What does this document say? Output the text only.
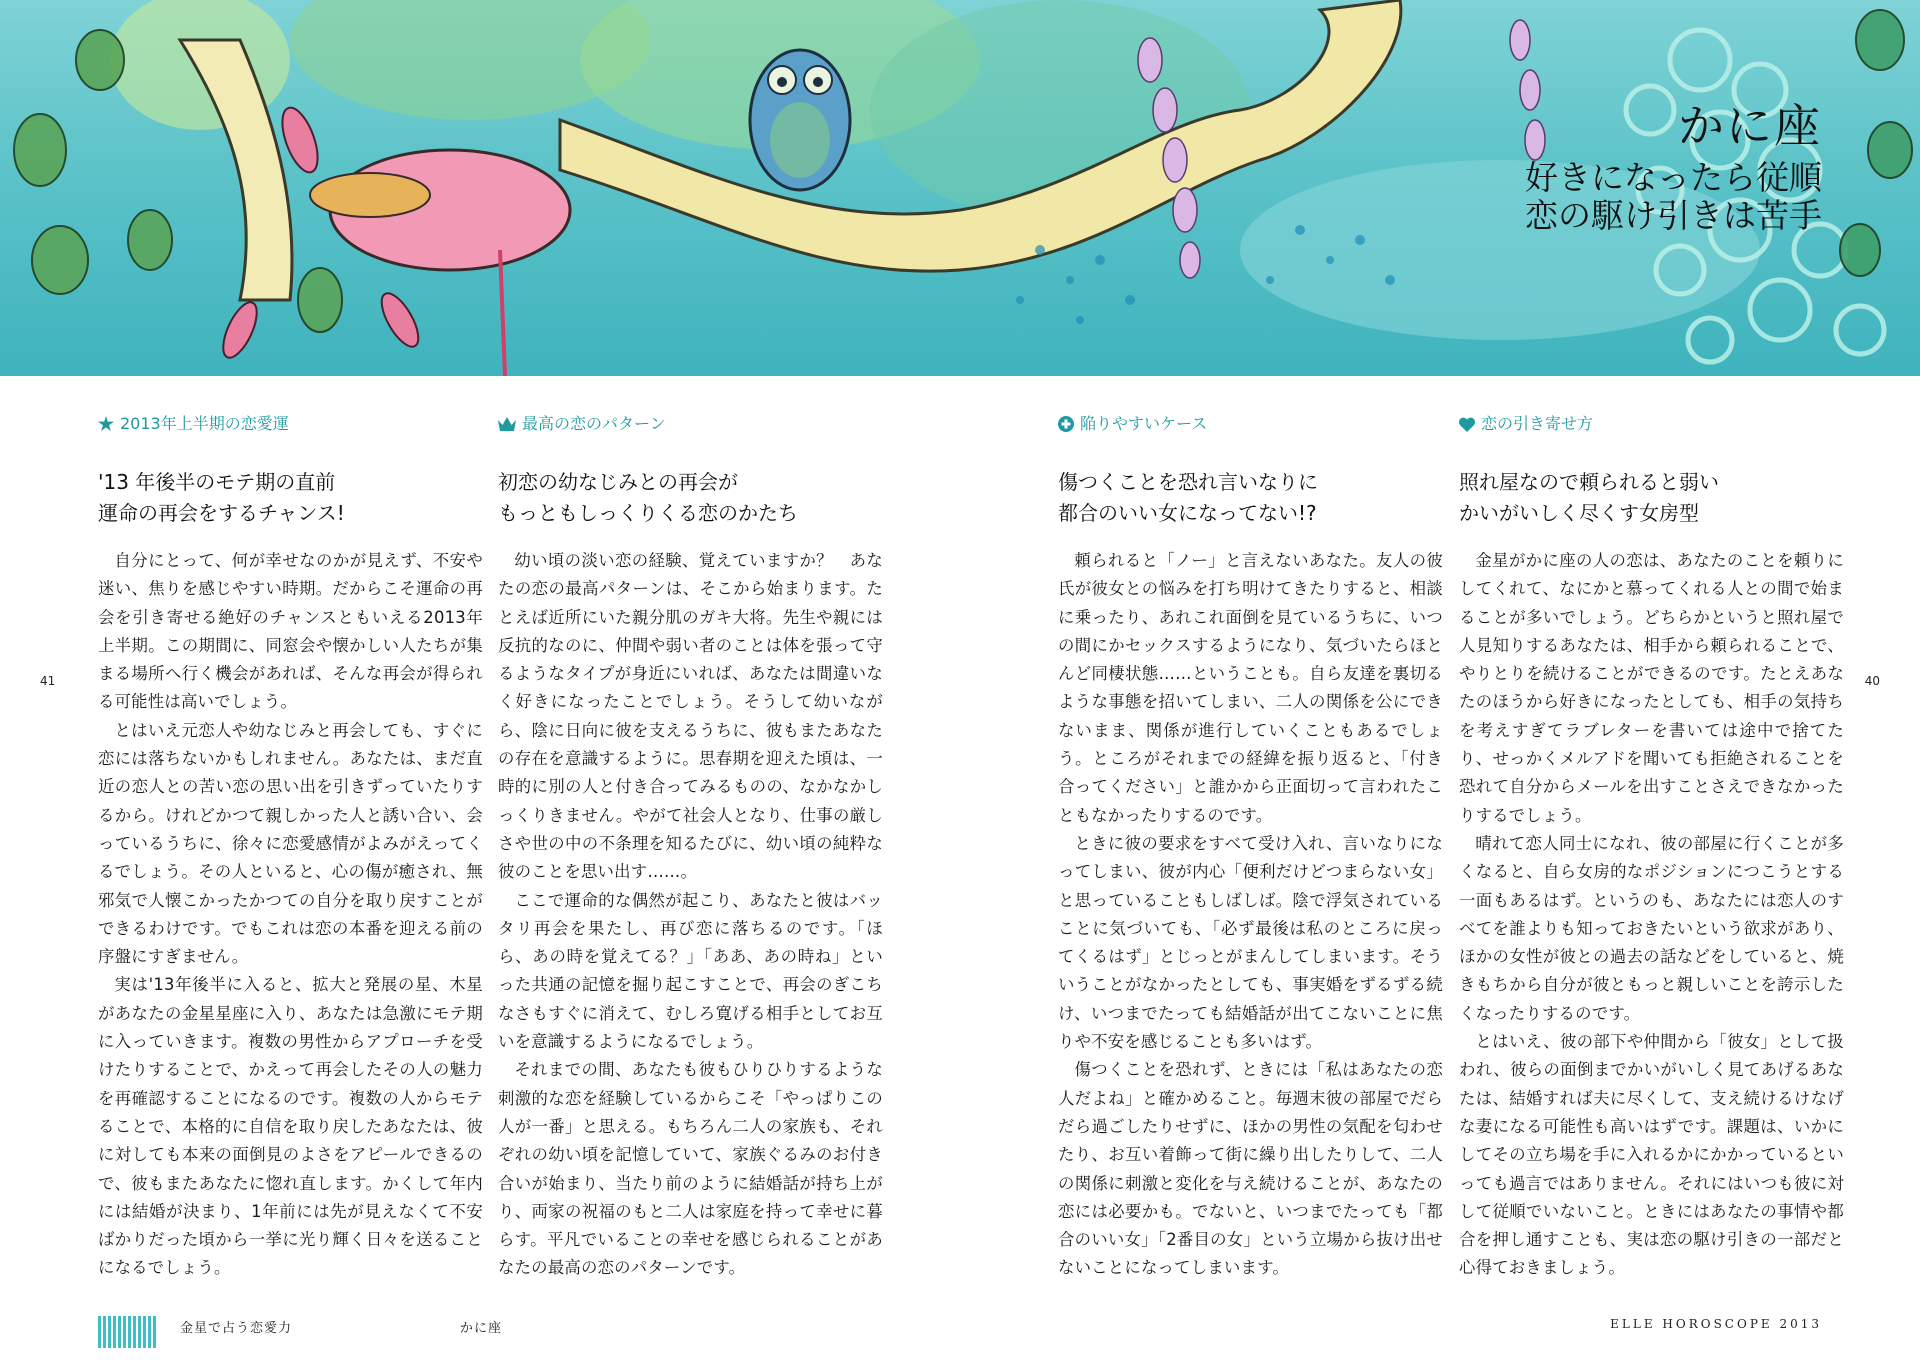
かに座
好きになったら従順
恋の駆け引きは苦手
41	40
2013年上半期の恋愛運
'13 年後半のモテ期の直前
運命の再会をするチャンス!

自分にとって、何が幸せなのかが見えず、不安や迷い、焦りを感じやすい時期。だからこそ運命の再会を引き寄せる絶好のチャンスともいえる2013年上半期。この期間に、同窓会や懐かしい人たちが集まる場所へ行く機会があれば、そんな再会が得られる可能性は高いでしょう。

とはいえ元恋人や幼なじみと再会しても、すぐに恋には落ちないかもしれません。あなたは、まだ直近の恋人との苦い恋の思い出を引きずっていたりするから。けれどかつて親しかった人と誘い合い、会っているうちに、徐々に恋愛感情がよみがえってくるでしょう。その人といると、心の傷が癒され、無邪気で人懐こかったかつての自分を取り戻すことができるわけです。でもこれは恋の本番を迎える前の序盤にすぎません。

実は'13年後半に入ると、拡大と発展の星、木星があなたの金星星座に入り、あなたは急激にモテ期に入っていきます。複数の男性からアプローチを受けたりすることで、かえって再会したその人の魅力を再確認することになるのです。複数の人からモテることで、本格的に自信を取り戻したあなたは、彼に対しても本来の面倒見のよさをアピールできるので、彼もまたあなたに惚れ直します。かくして年内には結婚が決まり、1年前には先が見えなくて不安ばかりだった頃から一挙に光り輝く日々を送ることになるでしょう。

最高の恋のパターン
初恋の幼なじみとの再会が
もっともしっくりくる恋のかたち

幼い頃の淡い恋の経験、覚えていますか？　あなたの恋の最高パターンは、そこから始まります。たとえば近所にいた親分肌のガキ大将。先生や親には反抗的なのに、仲間や弱い者のことは体を張って守るようなタイプが身近にいれば、あなたは間違いなく好きになったことでしょう。そうして幼いながら、陰に日向に彼を支えるうちに、彼もまたあなたの存在を意識するように。思春期を迎えた頃は、一時的に別の人と付き合ってみるものの、なかなかしっくりきません。やがて社会人となり、仕事の厳しさや世の中の不条理を知るたびに、幼い頃の純粋な彼のことを思い出す……。

ここで運命的な偶然が起こり、あなたと彼はバッタリ再会を果たし、再び恋に落ちるのです。「ほら、あの時を覚えてる？」「ああ、あの時ね」といった共通の記憶を掘り起こすことで、再会のぎこちなさもすぐに消えて、むしろ寛げる相手としてお互いを意識するようになるでしょう。

それまでの間、あなたも彼もひりひりするような刺激的な恋を経験しているからこそ「やっぱりこの人が一番」と思える。もちろん二人の家族も、それぞれの幼い頃を記憶していて、家族ぐるみのお付き合いが始まり、当たり前のように結婚話が持ち上がり、両家の祝福のもと二人は家庭を持って幸せに暮らす。平凡でいることの幸せを感じられることがあなたの最高の恋のパターンです。

陥りやすいケース
傷つくことを恐れ言いなりに
都合のいい女になってない!?

頼られると「ノー」と言えないあなた。友人の彼氏が彼女との悩みを打ち明けてきたりすると、相談に乗ったり、あれこれ面倒を見ているうちに、いつの間にかセックスするようになり、気づいたらほとんど同棲状態……ということも。自ら友達を裏切るような事態を招いてしまい、二人の関係を公にできないまま、関係が進行していくこともあるでしょう。ところがそれまでの経緯を振り返ると、「付き合ってください」と誰かから正面切って言われたこともなかったりするのです。

ときに彼の要求をすべて受け入れ、言いなりになってしまい、彼が内心「便利だけどつまらない女」と思っていることもしばしば。陰で浮気されていることに気づいても、「必ず最後は私のところに戻ってくるはず」とじっとがまんしてしまいます。そういうことがなかったとしても、事実婚をずるずる続け、いつまでたっても結婚話が出てこないことに焦りや不安を感じることも多いはず。

傷つくことを恐れず、ときには「私はあなたの恋人だよね」と確かめること。毎週末彼の部屋でだらだら過ごしたりせずに、ほかの男性の気配を匂わせたり、お互い着飾って街に繰り出したりして、二人の関係に刺激と変化を与え続けることが、あなたの恋には必要かも。でないと、いつまでたっても「都合のいい女」「2番目の女」という立場から抜け出せないことになってしまいます。

恋の引き寄せ方
照れ屋なので頼られると弱い
かいがいしく尽くす女房型

金星がかに座の人の恋は、あなたのことを頼りにしてくれて、なにかと慕ってくれる人との間で始まることが多いでしょう。どちらかというと照れ屋で人見知りするあなたは、相手から頼られることで、やりとりを続けることができるのです。たとえあなたのほうから好きになったとしても、相手の気持ちを考えすぎてラブレターを書いては途中で捨てたり、せっかくメルアドを聞いても拒絶されることを恐れて自分からメールを出すことさえできなかったりするでしょう。

晴れて恋人同士になれ、彼の部屋に行くことが多くなると、自ら女房的なポジションにつこうとする一面もあるはず。というのも、あなたには恋人のすべてを誰よりも知っておきたいという欲求があり、ほかの女性が彼との過去の話などをしていると、焼きもちから自分が彼ともっと親しいことを誇示したくなったりするのです。

とはいえ、彼の部下や仲間から「彼女」として扱われ、彼らの面倒までかいがいしく見てあげるあなたは、結婚すれば夫に尽くして、支え続けるけなげな妻になる可能性も高いはずです。課題は、いかにしてその立ち場を手に入れるかにかかっているといっても過言ではありません。それにはいつも彼に対して従順でいないこと。ときにはあなたの事情や都合を押し通すことも、実は恋の駆け引きの一部だと心得ておきましょう。

金星で占う恋愛力	かに座	ELLE HOROSCOPE 2013
